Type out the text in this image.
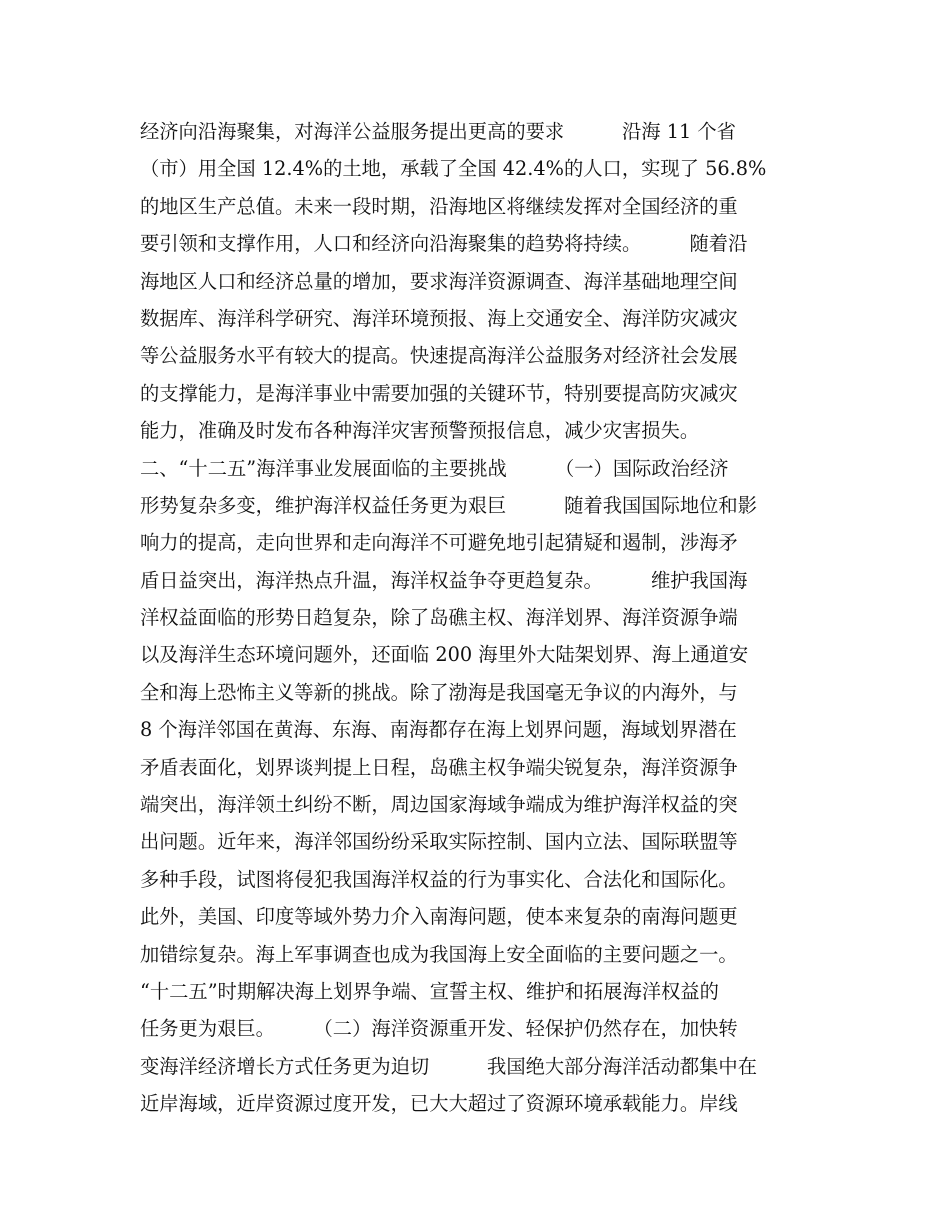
经济向沿海聚集，对海洋公益服务提出更高的要求　　　沿海 11 个省
（市）用全国 12.4%的土地，承载了全国 42.4%的人口，实现了 56.8%
的地区生产总值。未来一段时期，沿海地区将继续发挥对全国经济的重
要引领和支撑作用，人口和经济向沿海聚集的趋势将持续。　　　随着沿
海地区人口和经济总量的增加，要求海洋资源调查、海洋基础地理空间
数据库、海洋科学研究、海洋环境预报、海上交通安全、海洋防灾减灾
等公益服务水平有较大的提高。快速提高海洋公益服务对经济社会发展
的支撑能力，是海洋事业中需要加强的关键环节，特别要提高防灾减灾
能力，准确及时发布各种海洋灾害预警预报信息，减少灾害损失。
二、“十二五”海洋事业发展面临的主要挑战　　　（一）国际政治经济
形势复杂多变，维护海洋权益任务更为艰巨　　　随着我国国际地位和影
响力的提高，走向世界和走向海洋不可避免地引起猜疑和遏制，涉海矛
盾日益突出，海洋热点升温，海洋权益争夺更趋复杂。　　　维护我国海
洋权益面临的形势日趋复杂，除了岛礁主权、海洋划界、海洋资源争端
以及海洋生态环境问题外，还面临 200 海里外大陆架划界、海上通道安
全和海上恐怖主义等新的挑战。除了渤海是我国毫无争议的内海外，与
8 个海洋邻国在黄海、东海、南海都存在海上划界问题，海域划界潜在
矛盾表面化，划界谈判提上日程，岛礁主权争端尖锐复杂，海洋资源争
端突出，海洋领土纠纷不断，周边国家海域争端成为维护海洋权益的突
出问题。近年来，海洋邻国纷纷采取实际控制、国内立法、国际联盟等
多种手段，试图将侵犯我国海洋权益的行为事实化、合法化和国际化。
此外，美国、印度等域外势力介入南海问题，使本来复杂的南海问题更
加错综复杂。海上军事调查也成为我国海上安全面临的主要问题之一。
“十二五”时期解决海上划界争端、宣誓主权、维护和拓展海洋权益的
任务更为艰巨。　　　（二）海洋资源重开发、轻保护仍然存在，加快转
变海洋经济增长方式任务更为迫切　　　我国绝大部分海洋活动都集中在
近岸海域，近岸资源过度开发，已大大超过了资源环境承载能力。岸线
